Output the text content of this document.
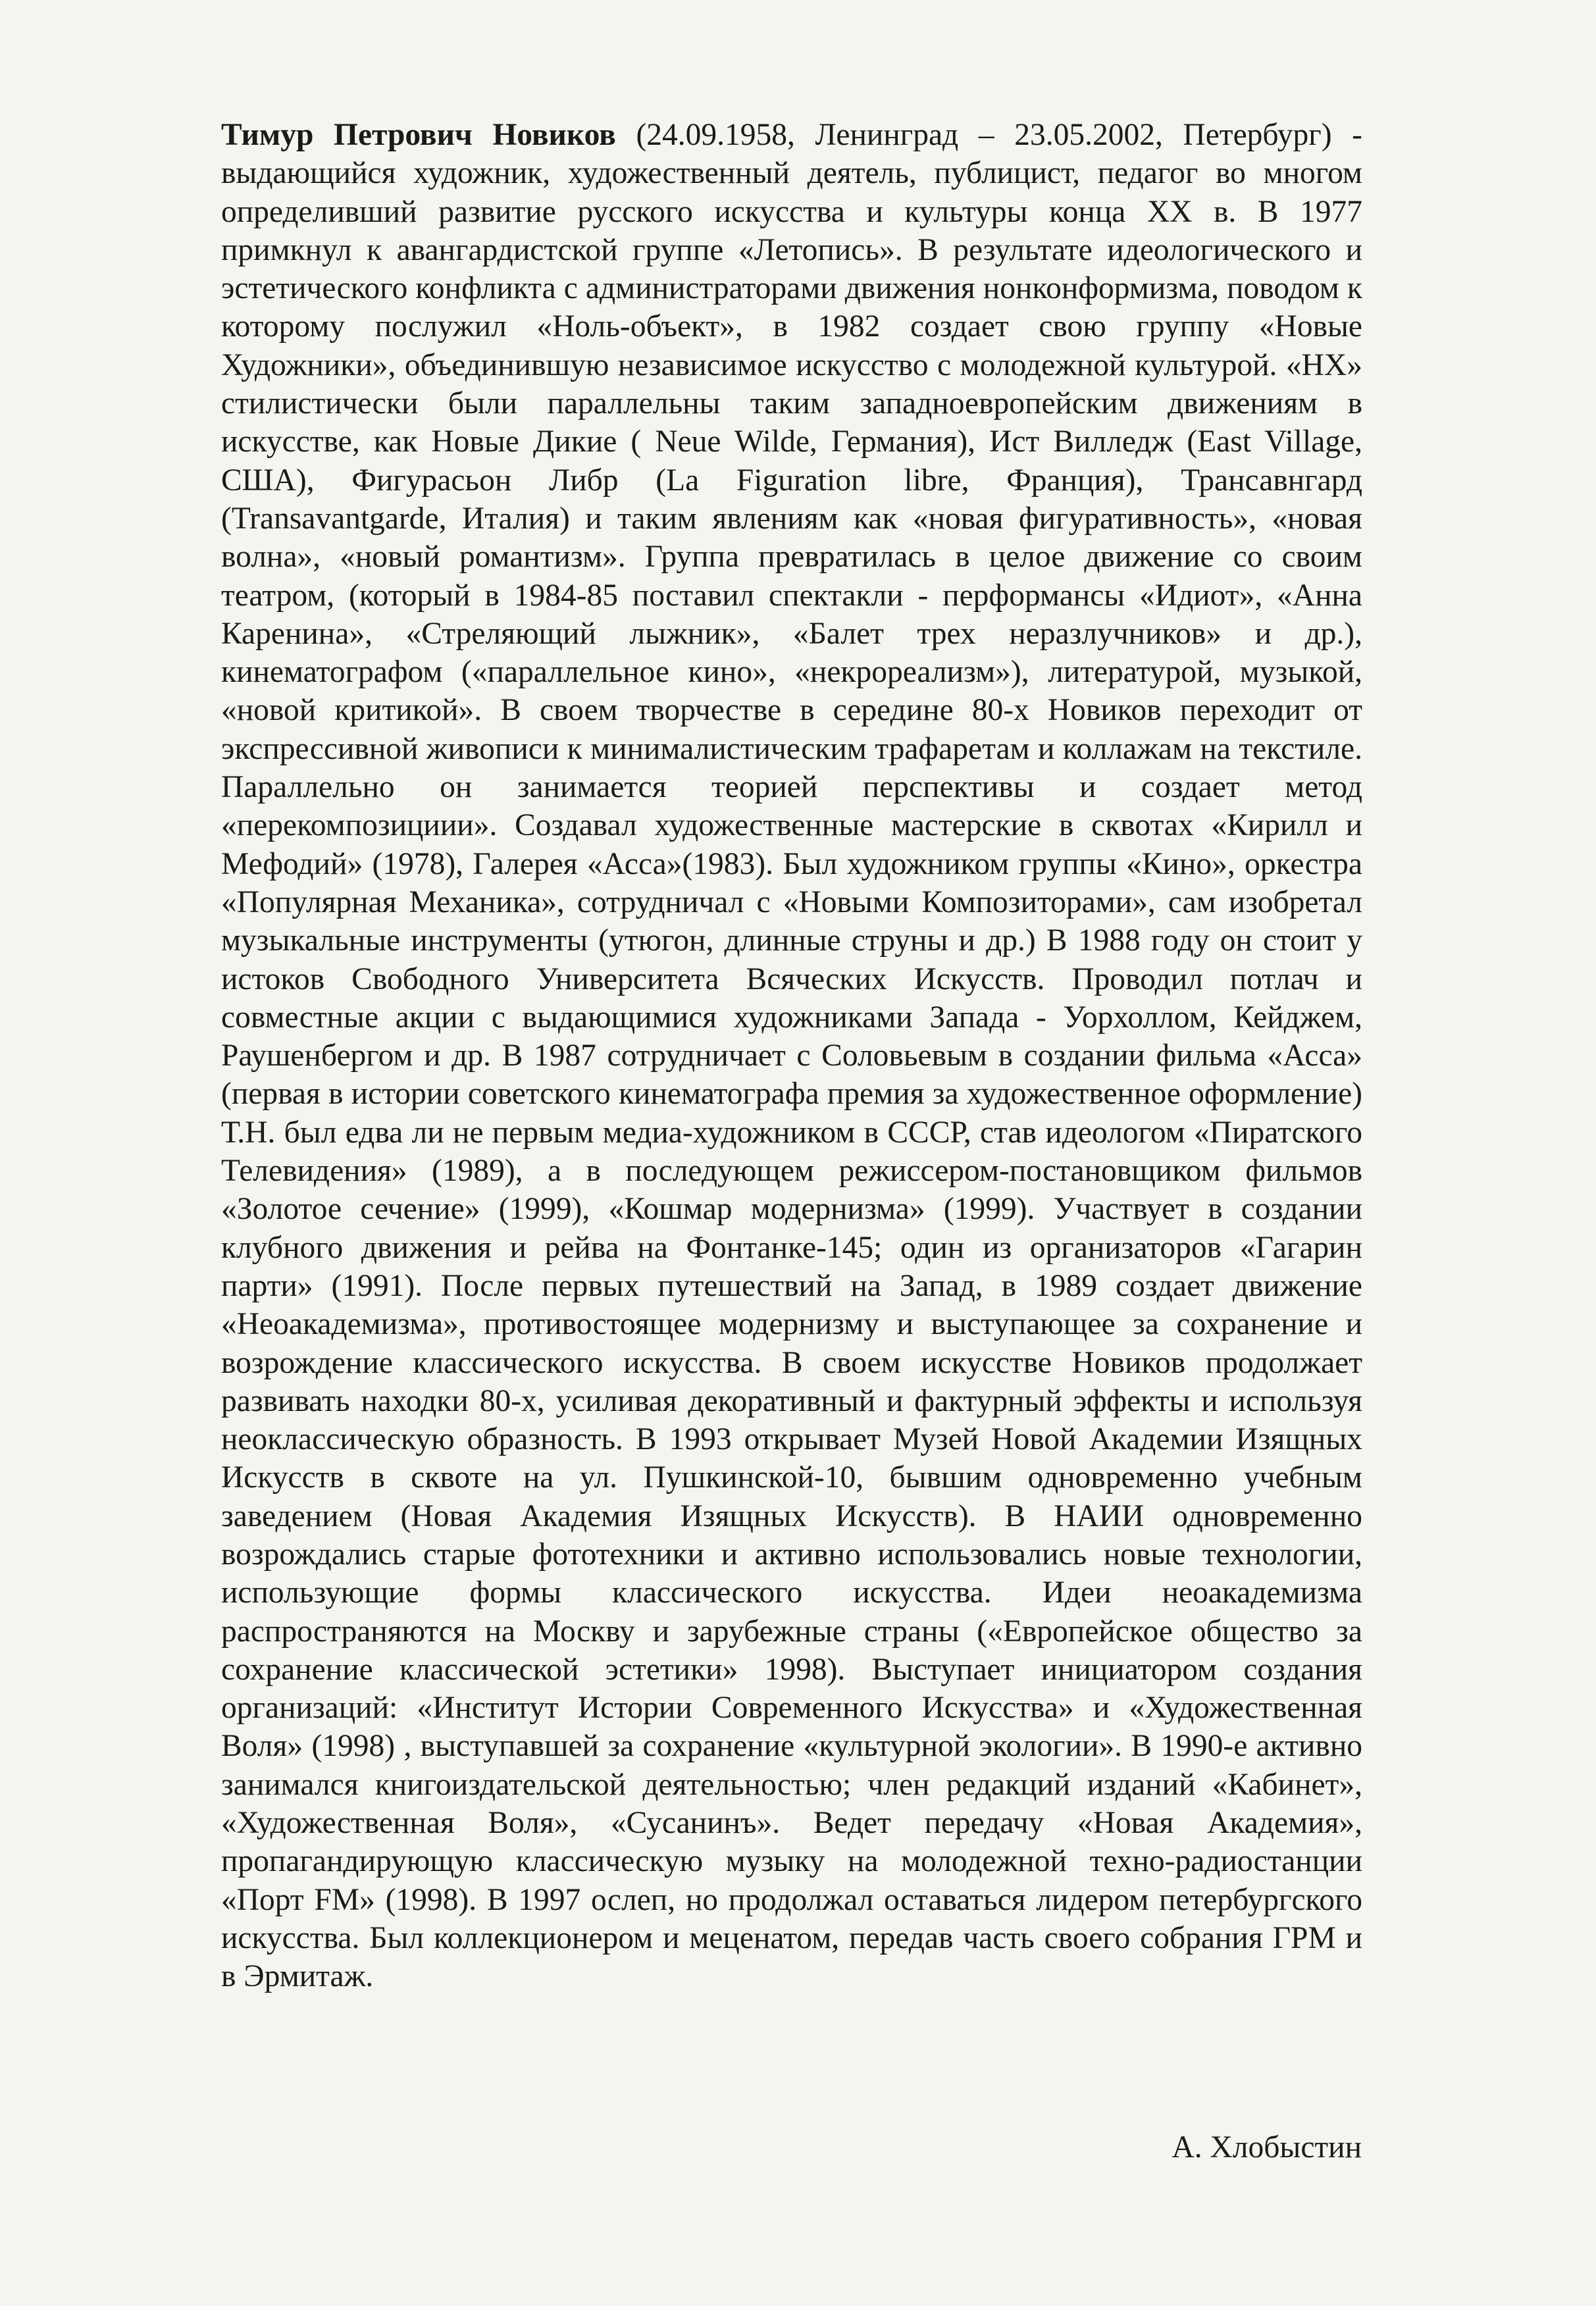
Тимур Петрович Новиков (24.09.1958, Ленинград – 23.05.2002, Петербург) - выдающийся художник, художественный деятель, публицист, педагог во многом определивший развитие русского искусства и культуры конца XX в. В 1977 примкнул к авангардистской группе «Летопись». В результате идеологического и эстетического конфликта с администраторами движения нонконформизма, поводом к которому послужил «Ноль-объект», в 1982 создает свою группу «Новые Художники», объединившую независимое искусство с молодежной культурой. «НХ» стилистически были параллельны таким западноевропейским движениям в искусстве, как Новые Дикие ( Neue Wilde, Германия), Ист Вилледж (East Village, США), Фигурасьон Либр (La Figuration libre, Франция), Трансавнгард (Transavantgarde, Италия) и таким явлениям как «новая фигуративность», «новая волна», «новый романтизм». Группа превратилась в целое движение со своим театром, (который в 1984-85 поставил спектакли - перформансы «Идиот», «Анна Каренина», «Стреляющий лыжник», «Балет трех неразлучников» и др.), кинематографом («параллельное кино», «некрореализм»), литературой, музыкой, «новой критикой». В своем творчестве в середине 80-х Новиков переходит от экспрессивной живописи к минималистическим трафаретам и коллажам на текстиле. Параллельно он занимается теорией перспективы и создает метод «перекомпозициии». Создавал художественные мастерские в сквотах «Кирилл и Мефодий» (1978), Галерея «Асса»(1983). Был художником группы «Кино», оркестра «Популярная Механика», сотрудничал с «Новыми Композиторами», сам изобретал музыкальные инструменты (утюгон, длинные струны и др.) В 1988 году он стоит у истоков Свободного Университета Всяческих Искусств. Проводил потлач и совместные акции с выдающимися художниками Запада - Уорхоллом, Кейджем, Раушенбергом и др. В 1987 сотрудничает с Соловьевым в создании фильма «Асса» (первая в истории советского кинематографа премия за художественное оформление) Т.Н. был едва ли не первым медиа-художником в СССР, став идеологом «Пиратского Телевидения» (1989), а в последующем режиссером-постановщиком фильмов «Золотое сечение» (1999), «Кошмар модернизма» (1999). Участвует в создании клубного движения и рейва на Фонтанке-145; один из организаторов «Гагарин парти» (1991). После первых путешествий на Запад, в 1989 создает движение «Неоакадемизма», противостоящее модернизму и выступающее за сохранение и возрождение классического искусства. В своем искусстве Новиков продолжает развивать находки 80-х, усиливая декоративный и фактурный эффекты и используя неоклассическую образность. В 1993 открывает Музей Новой Академии Изящных Искусств в сквоте на ул. Пушкинской-10, бывшим одновременно учебным заведением (Новая Академия Изящных Искусств). В НАИИ одновременно возрождались старые фототехники и активно использовались новые технологии, использующие формы классического искусства. Идеи неоакадемизма распространяются на Москву и зарубежные страны («Европейское общество за сохранение классической эстетики» 1998). Выступает инициатором создания организаций: «Институт Истории Современного Искусства» и «Художественная Воля» (1998) , выступавшей за сохранение «культурной экологии». В 1990-е активно занимался книгоиздательской деятельностью; член редакций изданий «Кабинет», «Художественная Воля», «Сусанинъ». Ведет передачу «Новая Академия», пропагандирующую классическую музыку на молодежной техно-радиостанции «Порт FM» (1998). В 1997 ослеп, но продолжал оставаться лидером петербургского искусства. Был коллекционером и меценатом, передав часть своего собрания ГРМ и в Эрмитаж.

А. Хлобыстин
